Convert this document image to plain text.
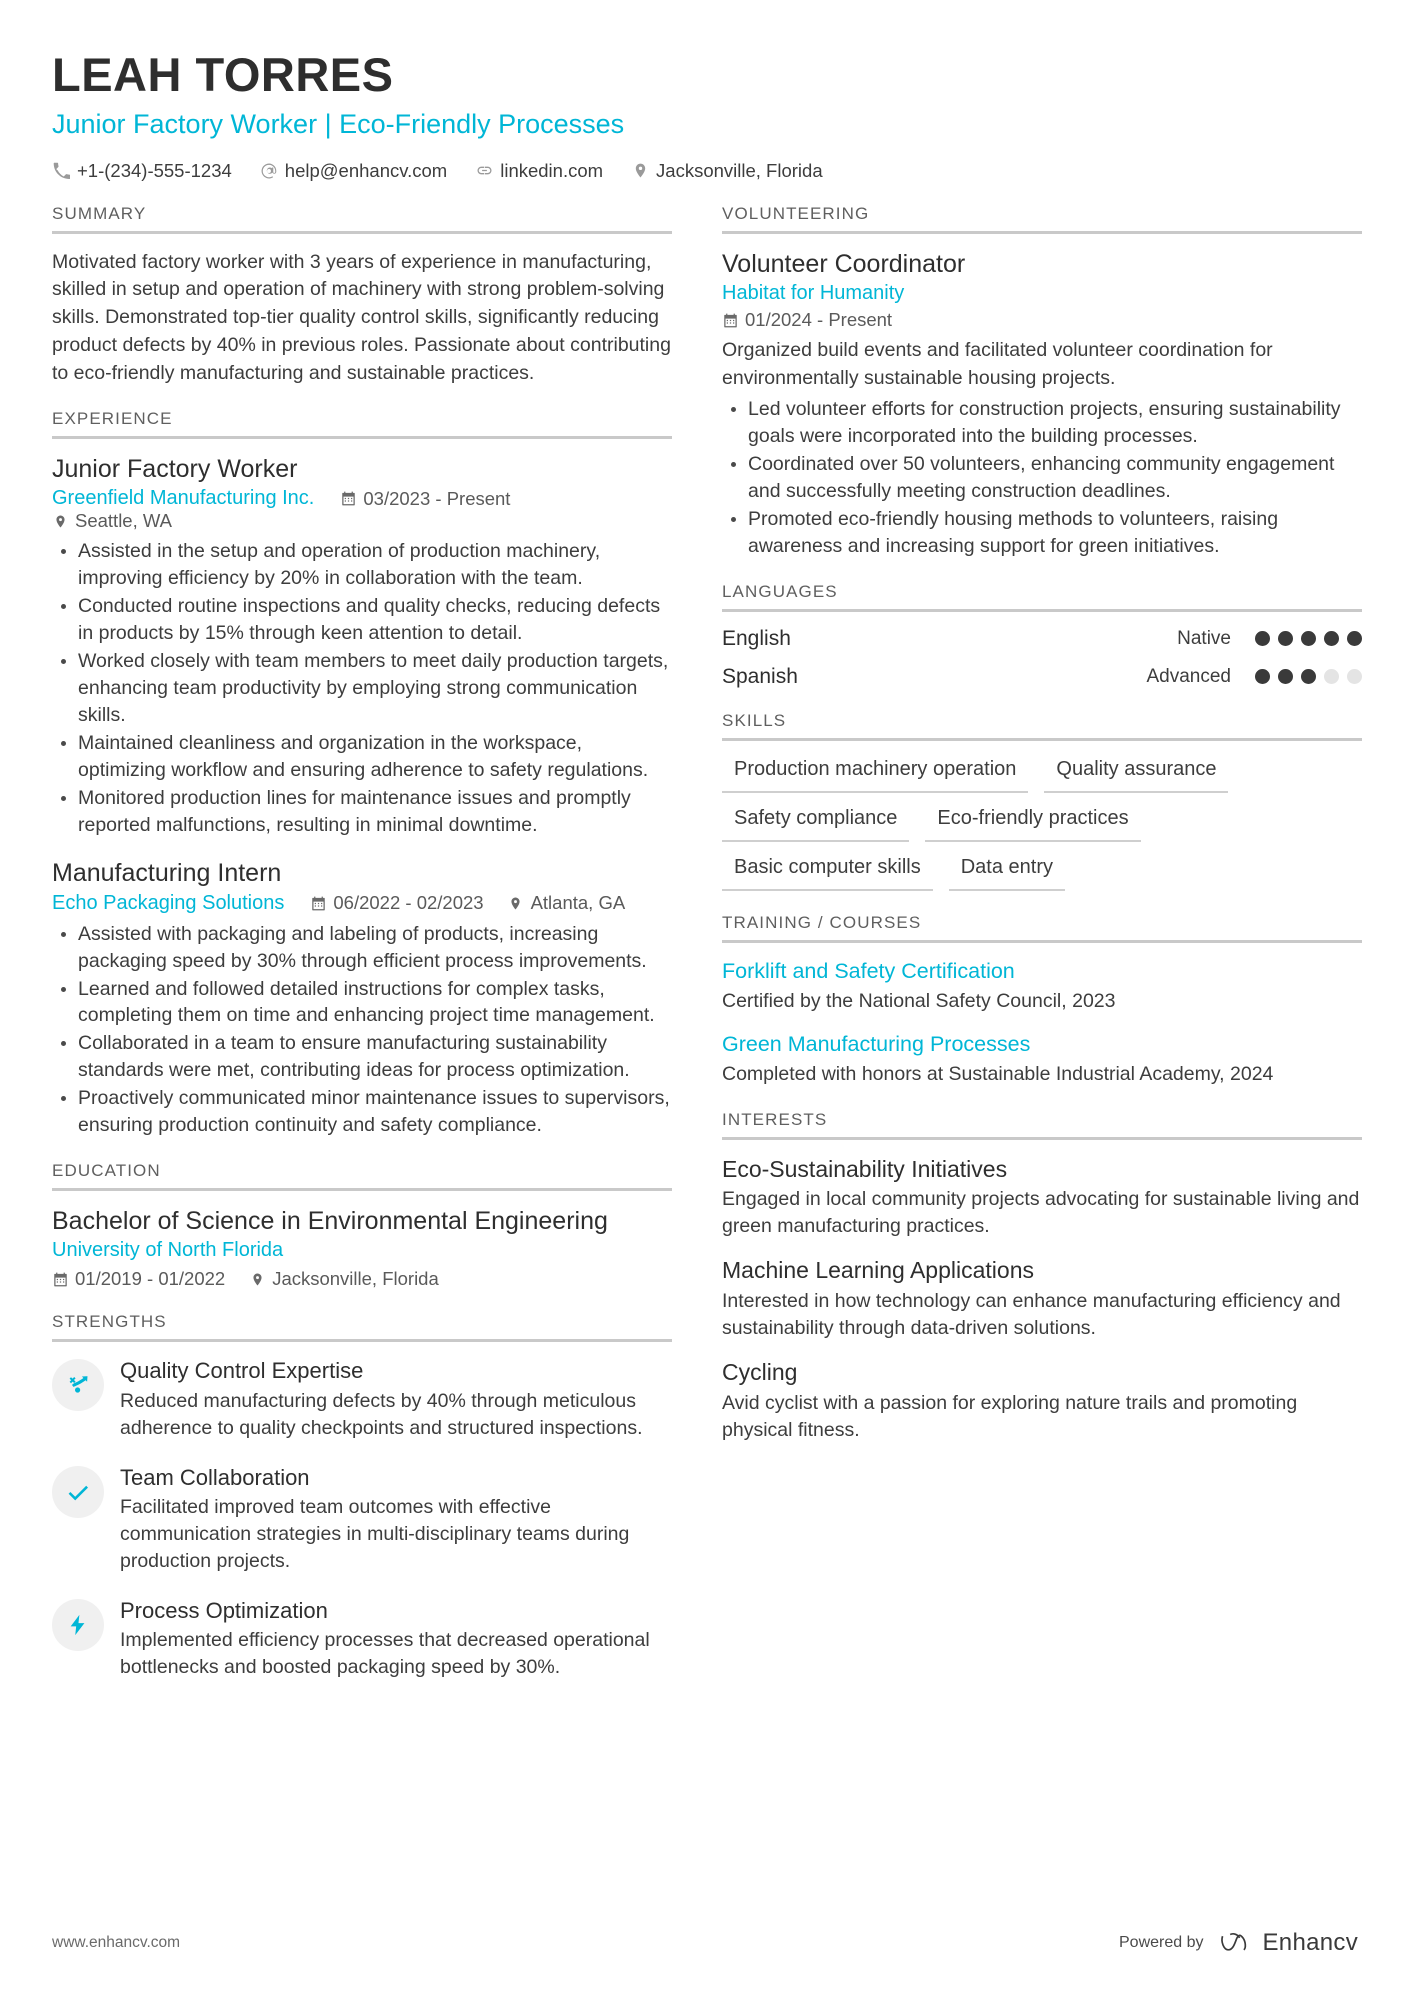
LEAH TORRES
Junior Factory Worker | Eco-Friendly Processes
+1-(234)-555-1234	help@enhancv.com	linkedin.com	Jacksonville, Florida
SUMMARY
Motivated factory worker with 3 years of experience in manufacturing, skilled in setup and operation of machinery with strong problem-solving skills. Demonstrated top-tier quality control skills, significantly reducing product defects by 40% in previous roles. Passionate about contributing to eco-friendly manufacturing and sustainable practices.
EXPERIENCE
Junior Factory Worker
Greenfield Manufacturing Inc.	03/2023 - Present
Seattle, WA
Assisted in the setup and operation of production machinery, improving efficiency by 20% in collaboration with the team.
Conducted routine inspections and quality checks, reducing defects in products by 15% through keen attention to detail.
Worked closely with team members to meet daily production targets, enhancing team productivity by employing strong communication skills.
Maintained cleanliness and organization in the workspace, optimizing workflow and ensuring adherence to safety regulations.
Monitored production lines for maintenance issues and promptly reported malfunctions, resulting in minimal downtime.
Manufacturing Intern
Echo Packaging Solutions	06/2022 - 02/2023	Atlanta, GA
Assisted with packaging and labeling of products, increasing packaging speed by 30% through efficient process improvements.
Learned and followed detailed instructions for complex tasks, completing them on time and enhancing project time management.
Collaborated in a team to ensure manufacturing sustainability standards were met, contributing ideas for process optimization.
Proactively communicated minor maintenance issues to supervisors, ensuring production continuity and safety compliance.
EDUCATION
Bachelor of Science in Environmental Engineering
University of North Florida
01/2019 - 01/2022	Jacksonville, Florida
STRENGTHS
Quality Control Expertise
Reduced manufacturing defects by 40% through meticulous adherence to quality checkpoints and structured inspections.
Team Collaboration
Facilitated improved team outcomes with effective communication strategies in multi-disciplinary teams during production projects.
Process Optimization
Implemented efficiency processes that decreased operational bottlenecks and boosted packaging speed by 30%.
VOLUNTEERING
Volunteer Coordinator
Habitat for Humanity
01/2024 - Present
Organized build events and facilitated volunteer coordination for environmentally sustainable housing projects.
Led volunteer efforts for construction projects, ensuring sustainability goals were incorporated into the building processes.
Coordinated over 50 volunteers, enhancing community engagement and successfully meeting construction deadlines.
Promoted eco-friendly housing methods to volunteers, raising awareness and increasing support for green initiatives.
LANGUAGES
English	Native
Spanish	Advanced
SKILLS
Production machinery operation	Quality assurance
Safety compliance	Eco-friendly practices
Basic computer skills	Data entry
TRAINING / COURSES
Forklift and Safety Certification
Certified by the National Safety Council, 2023
Green Manufacturing Processes
Completed with honors at Sustainable Industrial Academy, 2024
INTERESTS
Eco-Sustainability Initiatives
Engaged in local community projects advocating for sustainable living and green manufacturing practices.
Machine Learning Applications
Interested in how technology can enhance manufacturing efficiency and sustainability through data-driven solutions.
Cycling
Avid cyclist with a passion for exploring nature trails and promoting physical fitness.
www.enhancv.com	Powered by Enhancv
